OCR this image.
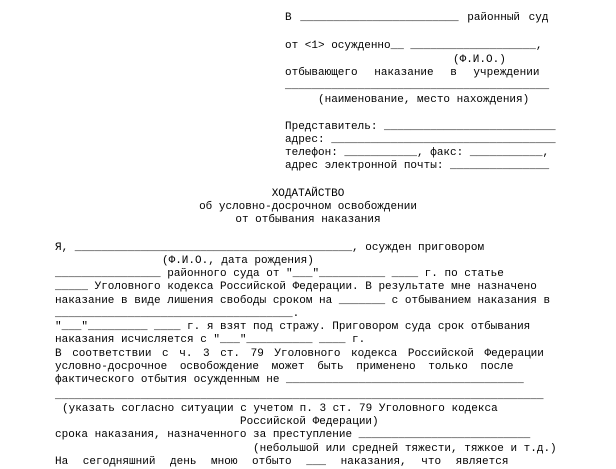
В ________________________ районный суд
от <1> осужденно__ ___________________,
(Ф.И.О.)
отбывающего наказание в учреждении
________________________________________
(наименование, место нахождения)
Представитель: __________________________
адрес: __________________________________
телефон: ___________, факс: ___________,
адрес электронной почты: _______________
ХОДАТАЙСТВО
об условно-досрочном освобождении
от отбывания наказания
Я, __________________________________________, осужден приговором
(Ф.И.О., дата рождения)
________________ районного суда от "___"__________ ____ г. по статье
_____ Уголовного кодекса Российской Федерации. В результате мне назначено
наказание в виде лишения свободы сроком на _______ с отбыванием наказания в
____________________________________.
"___"_________ ____ г. я взят под стражу. Приговором суда срок отбывания
наказания исчисляется с "___"__________ ____ г.
В соответствии с ч. 3 ст. 79 Уголовного кодекса Российской Федерации
условно-досрочное освобождение может быть применено только после
фактического отбытия осужденным не ____________________________________
__________________________________________________________________________
(указать согласно ситуации с учетом п. 3 ст. 79 Уголовного кодекса
Российской Федерации)
срока наказания, назначенного за преступление __________________________
(небольшой или средней тяжести, тяжкое и т.д.)
На сегодняшний день мною отбыто ___ наказания, что является
